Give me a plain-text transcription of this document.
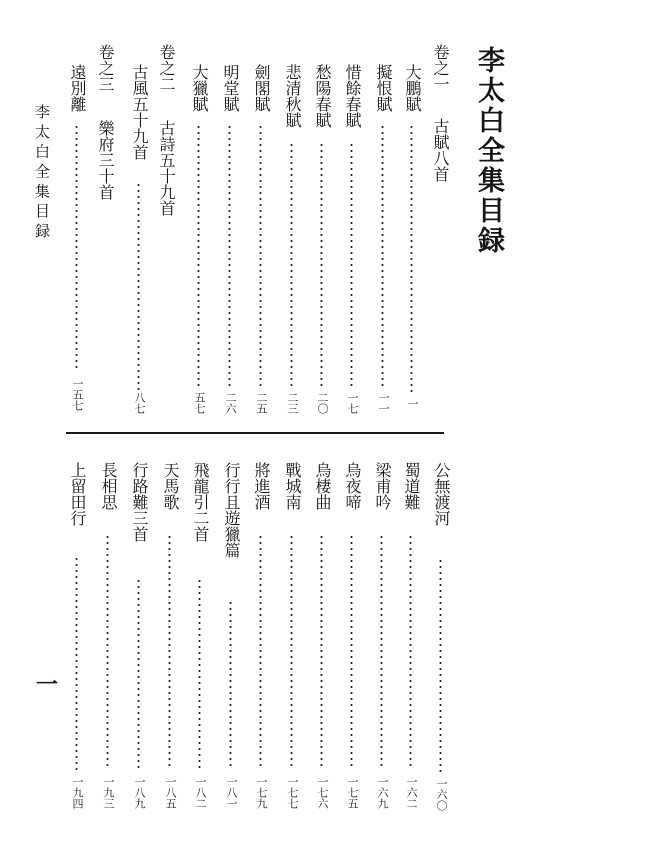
李太白全集目録
李 太 白 全 集 目 録
一
卷之一
古賦八首
大鵬賦
一
擬恨賦
一一
惜餘春賦
一七
愁陽春賦
二〇
悲清秋賦
二三
劍閣賦
二五
明堂賦
二六
大獵賦
五七
卷之二
古詩五十九首
古風五十九首
八七
卷之三
樂府三十首
遠別離
一五七
公無渡河
一六〇
蜀道難
一六二
梁甫吟
一六九
烏夜啼
一七五
烏棲曲
一七六
戰城南
一七七
將進酒
一七九
行行且遊獵篇
一八一
飛龍引二首
一八二
天馬歌
一八五
行路難三首
一八九
長相思
一九三
上留田行
一九四
